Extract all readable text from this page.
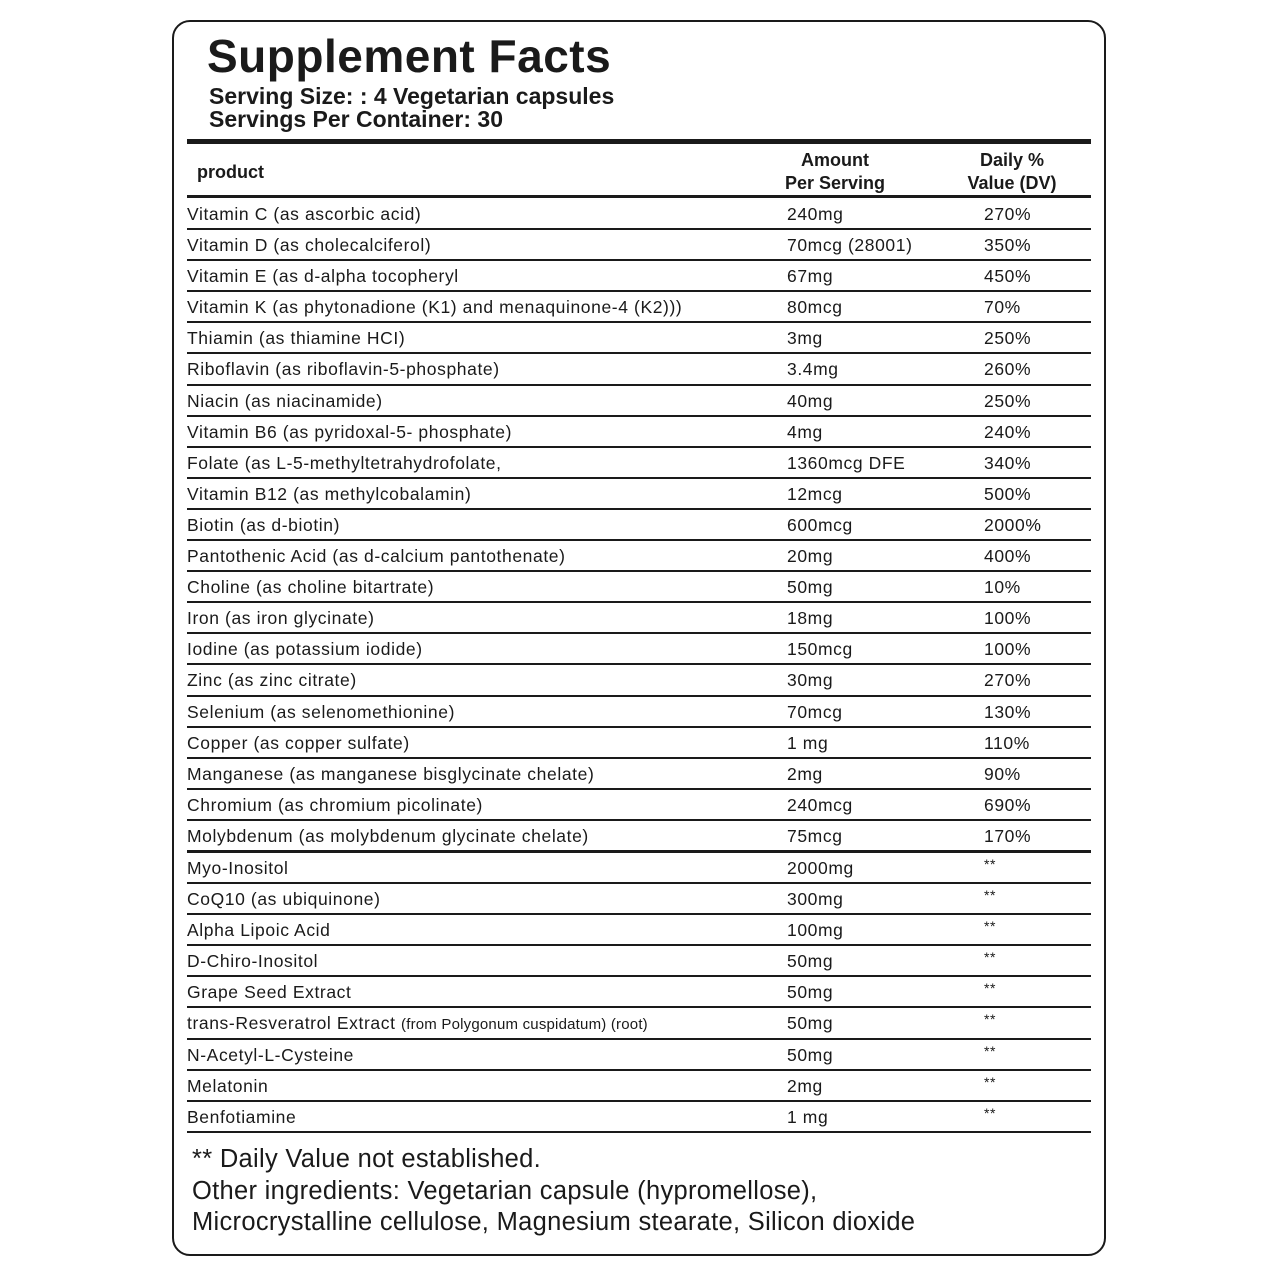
Supplement Facts
Serving Size: : 4 Vegetarian capsules
Servings Per Container: 30
product
Amount
Per Serving
Daily %
Value (DV)
Vitamin C (as ascorbic acid)	240mg	270%
Vitamin D (as cholecalciferol)	70mcg (28001)	350%
Vitamin E (as d-alpha tocopheryl	67mg	450%
Vitamin K (as phytonadione (K1) and menaquinone-4 (K2)))	80mcg	70%
Thiamin (as thiamine HCI)	3mg	250%
Riboflavin (as riboflavin-5-phosphate)	3.4mg	260%
Niacin (as niacinamide)	40mg	250%
Vitamin B6 (as pyridoxal-5- phosphate)	4mg	240%
Folate (as L-5-methyltetrahydrofolate,	1360mcg DFE	340%
Vitamin B12 (as methylcobalamin)	12mcg	500%
Biotin (as d-biotin)	600mcg	2000%
Pantothenic Acid (as d-calcium pantothenate)	20mg	400%
Choline (as choline bitartrate)	50mg	10%
Iron (as iron glycinate)	18mg	100%
Iodine (as potassium iodide)	150mcg	100%
Zinc (as zinc citrate)	30mg	270%
Selenium (as selenomethionine)	70mcg	130%
Copper (as copper sulfate)	1 mg	110%
Manganese (as manganese bisglycinate chelate)	2mg	90%
Chromium (as chromium picolinate)	240mcg	690%
Molybdenum (as molybdenum glycinate chelate)	75mcg	170%
Myo-Inositol	2000mg	**
CoQ10 (as ubiquinone)	300mg	**
Alpha Lipoic Acid	100mg	**
D-Chiro-Inositol	50mg	**
Grape Seed Extract	50mg	**
trans-Resveratrol Extract (from Polygonum cuspidatum) (root)	50mg	**
N-Acetyl-L-Cysteine	50mg	**
Melatonin	2mg	**
Benfotiamine	1 mg	**
** Daily Value not established.
Other ingredients: Vegetarian capsule (hypromellose),
Microcrystalline cellulose, Magnesium stearate, Silicon dioxide
